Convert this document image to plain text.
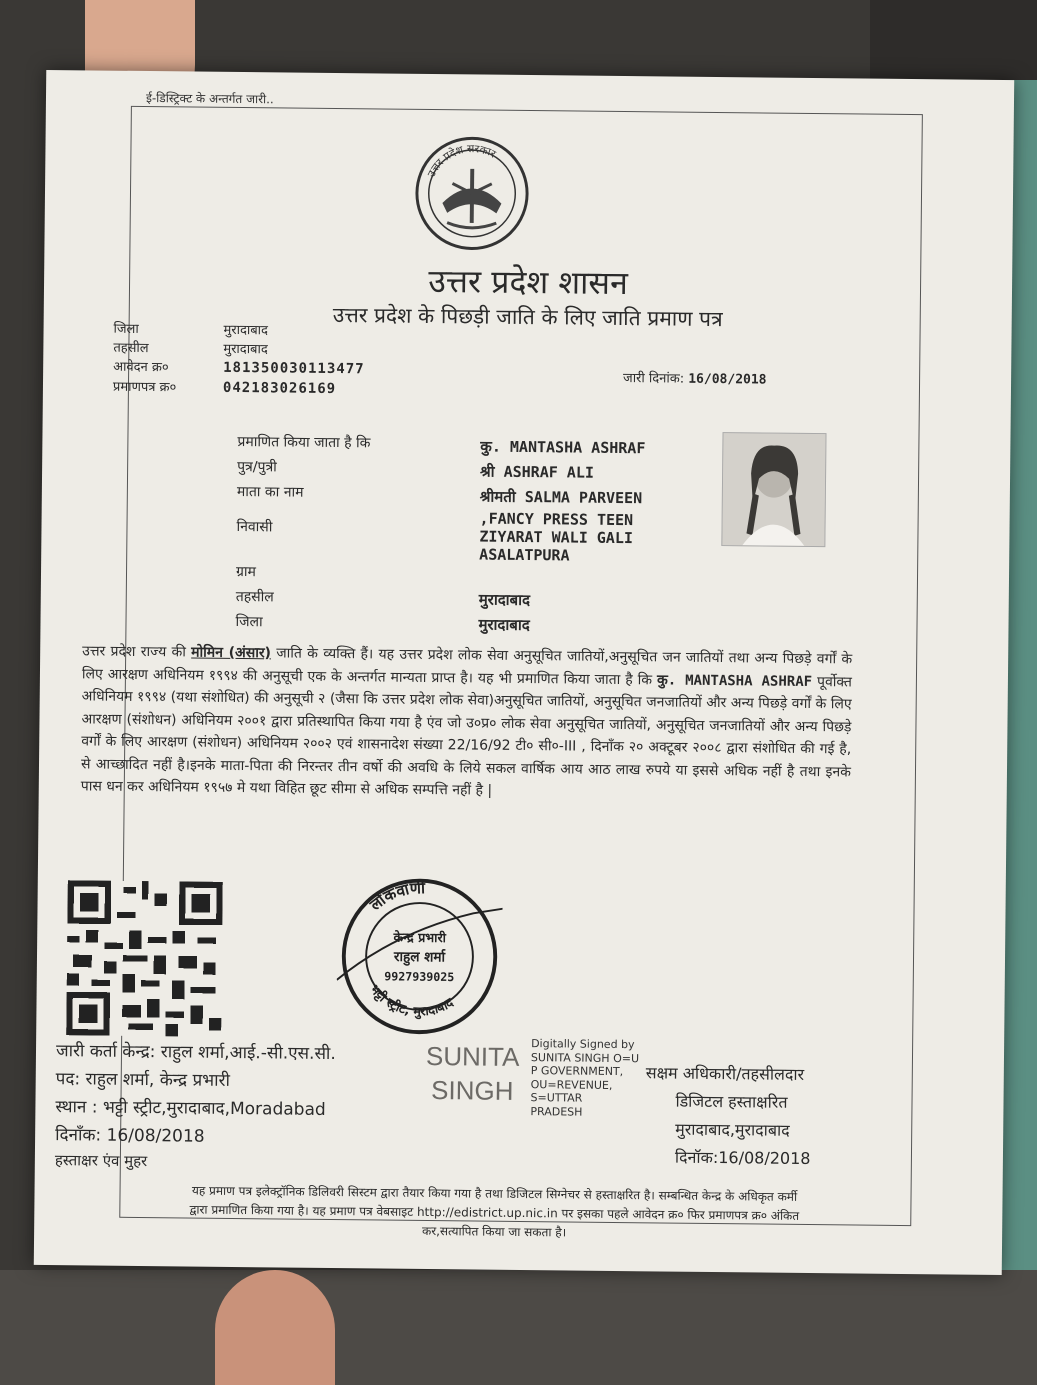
ई-डिस्ट्रिक्ट के अन्तर्गत जारी..
उत्तर प्रदेश सरकार
उत्तर प्रदेश शासन
उत्तर प्रदेश के पिछड़ी जाति के लिए जाति प्रमाण पत्र
जिला	मुरादाबाद
तहसील	मुरादाबाद
आवेदन क्र०	181350030113477
प्रमाणपत्र क्र०	042183026169
जारी दिनांक: 16/08/2018
प्रमाणित किया जाता है कि	कु. MANTASHA ASHRAF
पुत्र/पुत्री	श्री ASHRAF ALI
माता का नाम	श्रीमती SALMA PARVEEN
निवासी	,FANCY PRESS TEEN
ZIYARAT WALI GALI
ASALATPURA
ग्राम
तहसील	मुरादाबाद
जिला	मुरादाबाद
उत्तर प्रदेश राज्य की मोमिन (अंसार) जाति के व्यक्ति हैं। यह उत्तर प्रदेश लोक सेवा अनुसूचित जातियों,अनुसूचित जन जातियों तथा अन्य पिछड़े वर्गों के लिए आरक्षण अधिनियम १९९४ की अनुसूची एक के अन्तर्गत मान्यता प्राप्त है। यह भी प्रमाणित किया जाता है कि कु. MANTASHA ASHRAF पूर्वोक्त अधिनियम १९९४ (यथा संशोधित) की अनुसूची २ (जैसा कि उत्तर प्रदेश लोक सेवा)अनुसूचित जातियों, अनुसूचित जनजातियों और अन्य पिछड़े वर्गों के लिए आरक्षण (संशोधन) अधिनियम २००१ द्वारा प्रतिस्थापित किया गया है एंव जो उ०प्र० लोक सेवा अनुसूचित जातियों, अनुसूचित जनजातियों और अन्य पिछड़े वर्गों के लिए आरक्षण (संशोधन) अधिनियम २००२ एवं शासनादेश संख्या 22/16/92 टी० सी०-III , दिनाँक २० अक्टूबर २००८ द्वारा संशोधित की गई है, से आच्छादित नहीं है।इनके माता-पिता की निरन्तर तीन वर्षो की अवधि के लिये सकल वार्षिक आय आठ लाख रुपये या इससे अधिक नहीं है तथा इनके पास धन कर अधिनियम १९५७ मे यथा विहित छूट सीमा से अधिक सम्पत्ति नहीं है |
लोकवाणी
भट्टी स्ट्रीट, मुरादाबाद
केन्द्र प्रभारी
राहुल शर्मा
9927939025
जारी कर्ता केन्द्र: राहुल शर्मा,आई.-सी.एस.सी.
पद: राहुल शर्मा, केन्द्र प्रभारी
स्थान : भट्टी स्ट्रीट,मुरादाबाद,Moradabad
दिनाँक: 16/08/2018
हस्ताक्षर एंव मुहर
SUNITA
SINGH
Digitally Signed by
SUNITA SINGH O=U
P GOVERNMENT,
OU=REVENUE,
S=UTTAR
PRADESH
सक्षम अधिकारी/तहसीलदार
डिजिटल हस्ताक्षरित
मुरादाबाद,मुरादाबाद
दिनॉक:16/08/2018
यह प्रमाण पत्र इलेक्ट्रॉनिक डिलिवरी सिस्टम द्वारा तैयार किया गया है तथा डिजिटल सिग्नेचर से हस्ताक्षरित है। सम्बन्धित केन्द्र के अधिकृत कर्मी
द्वारा प्रमाणित किया गया है। यह प्रमाण पत्र वेबसाइट http://edistrict.up.nic.in पर इसका पहले आवेदन क्र० फिर प्रमाणपत्र क्र० अंकित
कर,सत्यापित किया जा सकता है।
